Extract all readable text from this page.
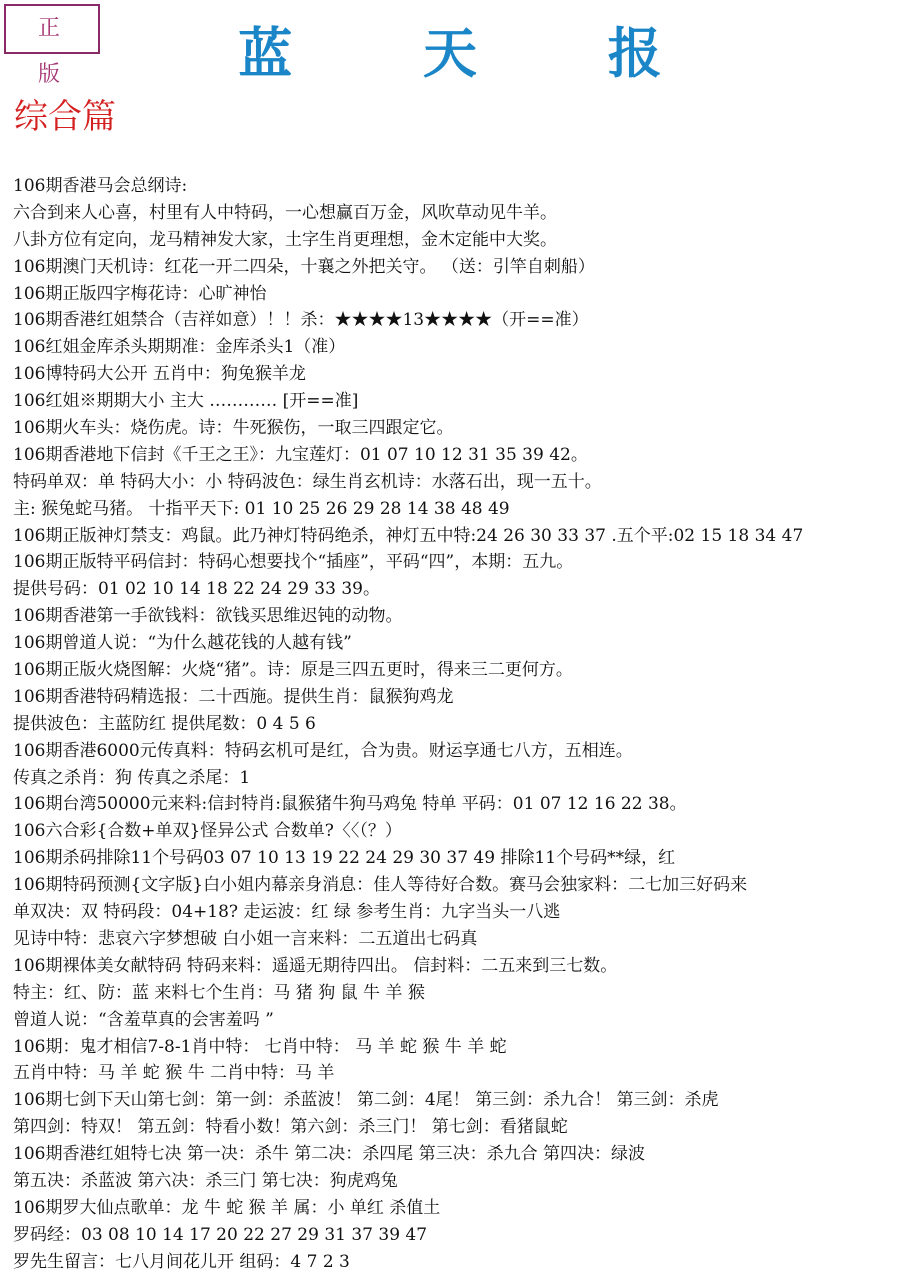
正 版	蓝 天 报
综合篇
106期香港马会总纲诗:
六合到来人心喜，村里有人中特码，一心想赢百万金，风吹草动见牛羊。
八卦方位有定向，龙马精神发大家，土字生肖更理想，金木定能中大奖。
106期澳门天机诗：红花一开二四朵，十襄之外把关守。 （送：引竿自刺船）
106期正版四字梅花诗：心旷神怡
106期香港红姐禁合（吉祥如意）！！杀：★★★★13★★★★（开==准）
106红姐金库杀头期期准：金库杀头1（准）
106博特码大公开 五肖中：狗兔猴羊龙
106红姐※期期大小 主大 ………… [开==准]
106期火车头：烧伤虎。诗：牛死猴伤，一取三四跟定它。
106期香港地下信封《千王之王》：九宝莲灯：01 07 10 12 31 35 39 42。
特码单双：单 特码大小：小 特码波色：绿生肖玄机诗：水落石出，现一五十。
主: 猴兔蛇马猪。 十指平天下: 01 10 25 26 29 28 14 38 48 49
106期正版神灯禁支：鸡鼠。此乃神灯特码绝杀，神灯五中特:24 26 30 33 37 .五个平:02 15 18 34 47
106期正版特平码信封：特码心想要找个“插座”，平码“四”，本期：五九。
提供号码：01 02 10 14 18 22 24 29 33 39。
106期香港第一手欲钱料：欲钱买思维迟钝的动物。
106期曾道人说：“为什么越花钱的人越有钱”
106期正版火烧图解：火烧“猪”。诗：原是三四五更时，得来三二更何方。
106期香港特码精选报：二十西施。提供生肖：鼠猴狗鸡龙
提供波色：主蓝防红 提供尾数：0 4 5 6
106期香港6000元传真料：特码玄机可是红，合为贵。财运享通七八方，五相连。
传真之杀肖：狗 传真之杀尾：1
106期台湾50000元来料:信封特肖:鼠猴猪牛狗马鸡兔 特单 平码：01 07 12 16 22 38。
106六合彩{合数+单双}怪异公式 合数单?〈〈（？）
106期杀码排除11个号码03 07 10 13 19 22 24 29 30 37 49 排除11个号码**绿，红
106期特码预测{文字版}白小姐内幕亲身消息：佳人等待好合数。赛马会独家料：二七加三好码来
单双决：双 特码段：04+18? 走运波：红 绿 参考生肖：九字当头一八逃
见诗中特：悲哀六字梦想破 白小姐一言来料：二五道出七码真
106期裸体美女献特码 特码来料：遥遥无期待四出。 信封料：二五来到三七数。
特主：红、防：蓝 来料七个生肖：马 猪 狗 鼠 牛 羊 猴
曾道人说：“含羞草真的会害羞吗 ”
106期：鬼才相信7-8-1肖中特： 七肖中特： 马 羊 蛇 猴 牛 羊 蛇
五肖中特：马 羊 蛇 猴 牛 二肖中特：马 羊
106期七剑下天山第七剑：第一剑：杀蓝波！ 第二剑：4尾！ 第三剑：杀九合！ 第三剑：杀虎
第四剑：特双！ 第五剑：特看小数！第六剑：杀三门！ 第七剑：看猪鼠蛇
106期香港红姐特七决 第一决：杀牛 第二决：杀四尾 第三决：杀九合 第四决：绿波
第五决：杀蓝波 第六决：杀三门 第七决：狗虎鸡兔
106期罗大仙点歌单：龙 牛 蛇 猴 羊 属：小 单红 杀值土
罗码经：03 08 10 14 17 20 22 27 29 31 37 39 47
罗先生留言：七八月间花儿开 组码：4 7 2 3
